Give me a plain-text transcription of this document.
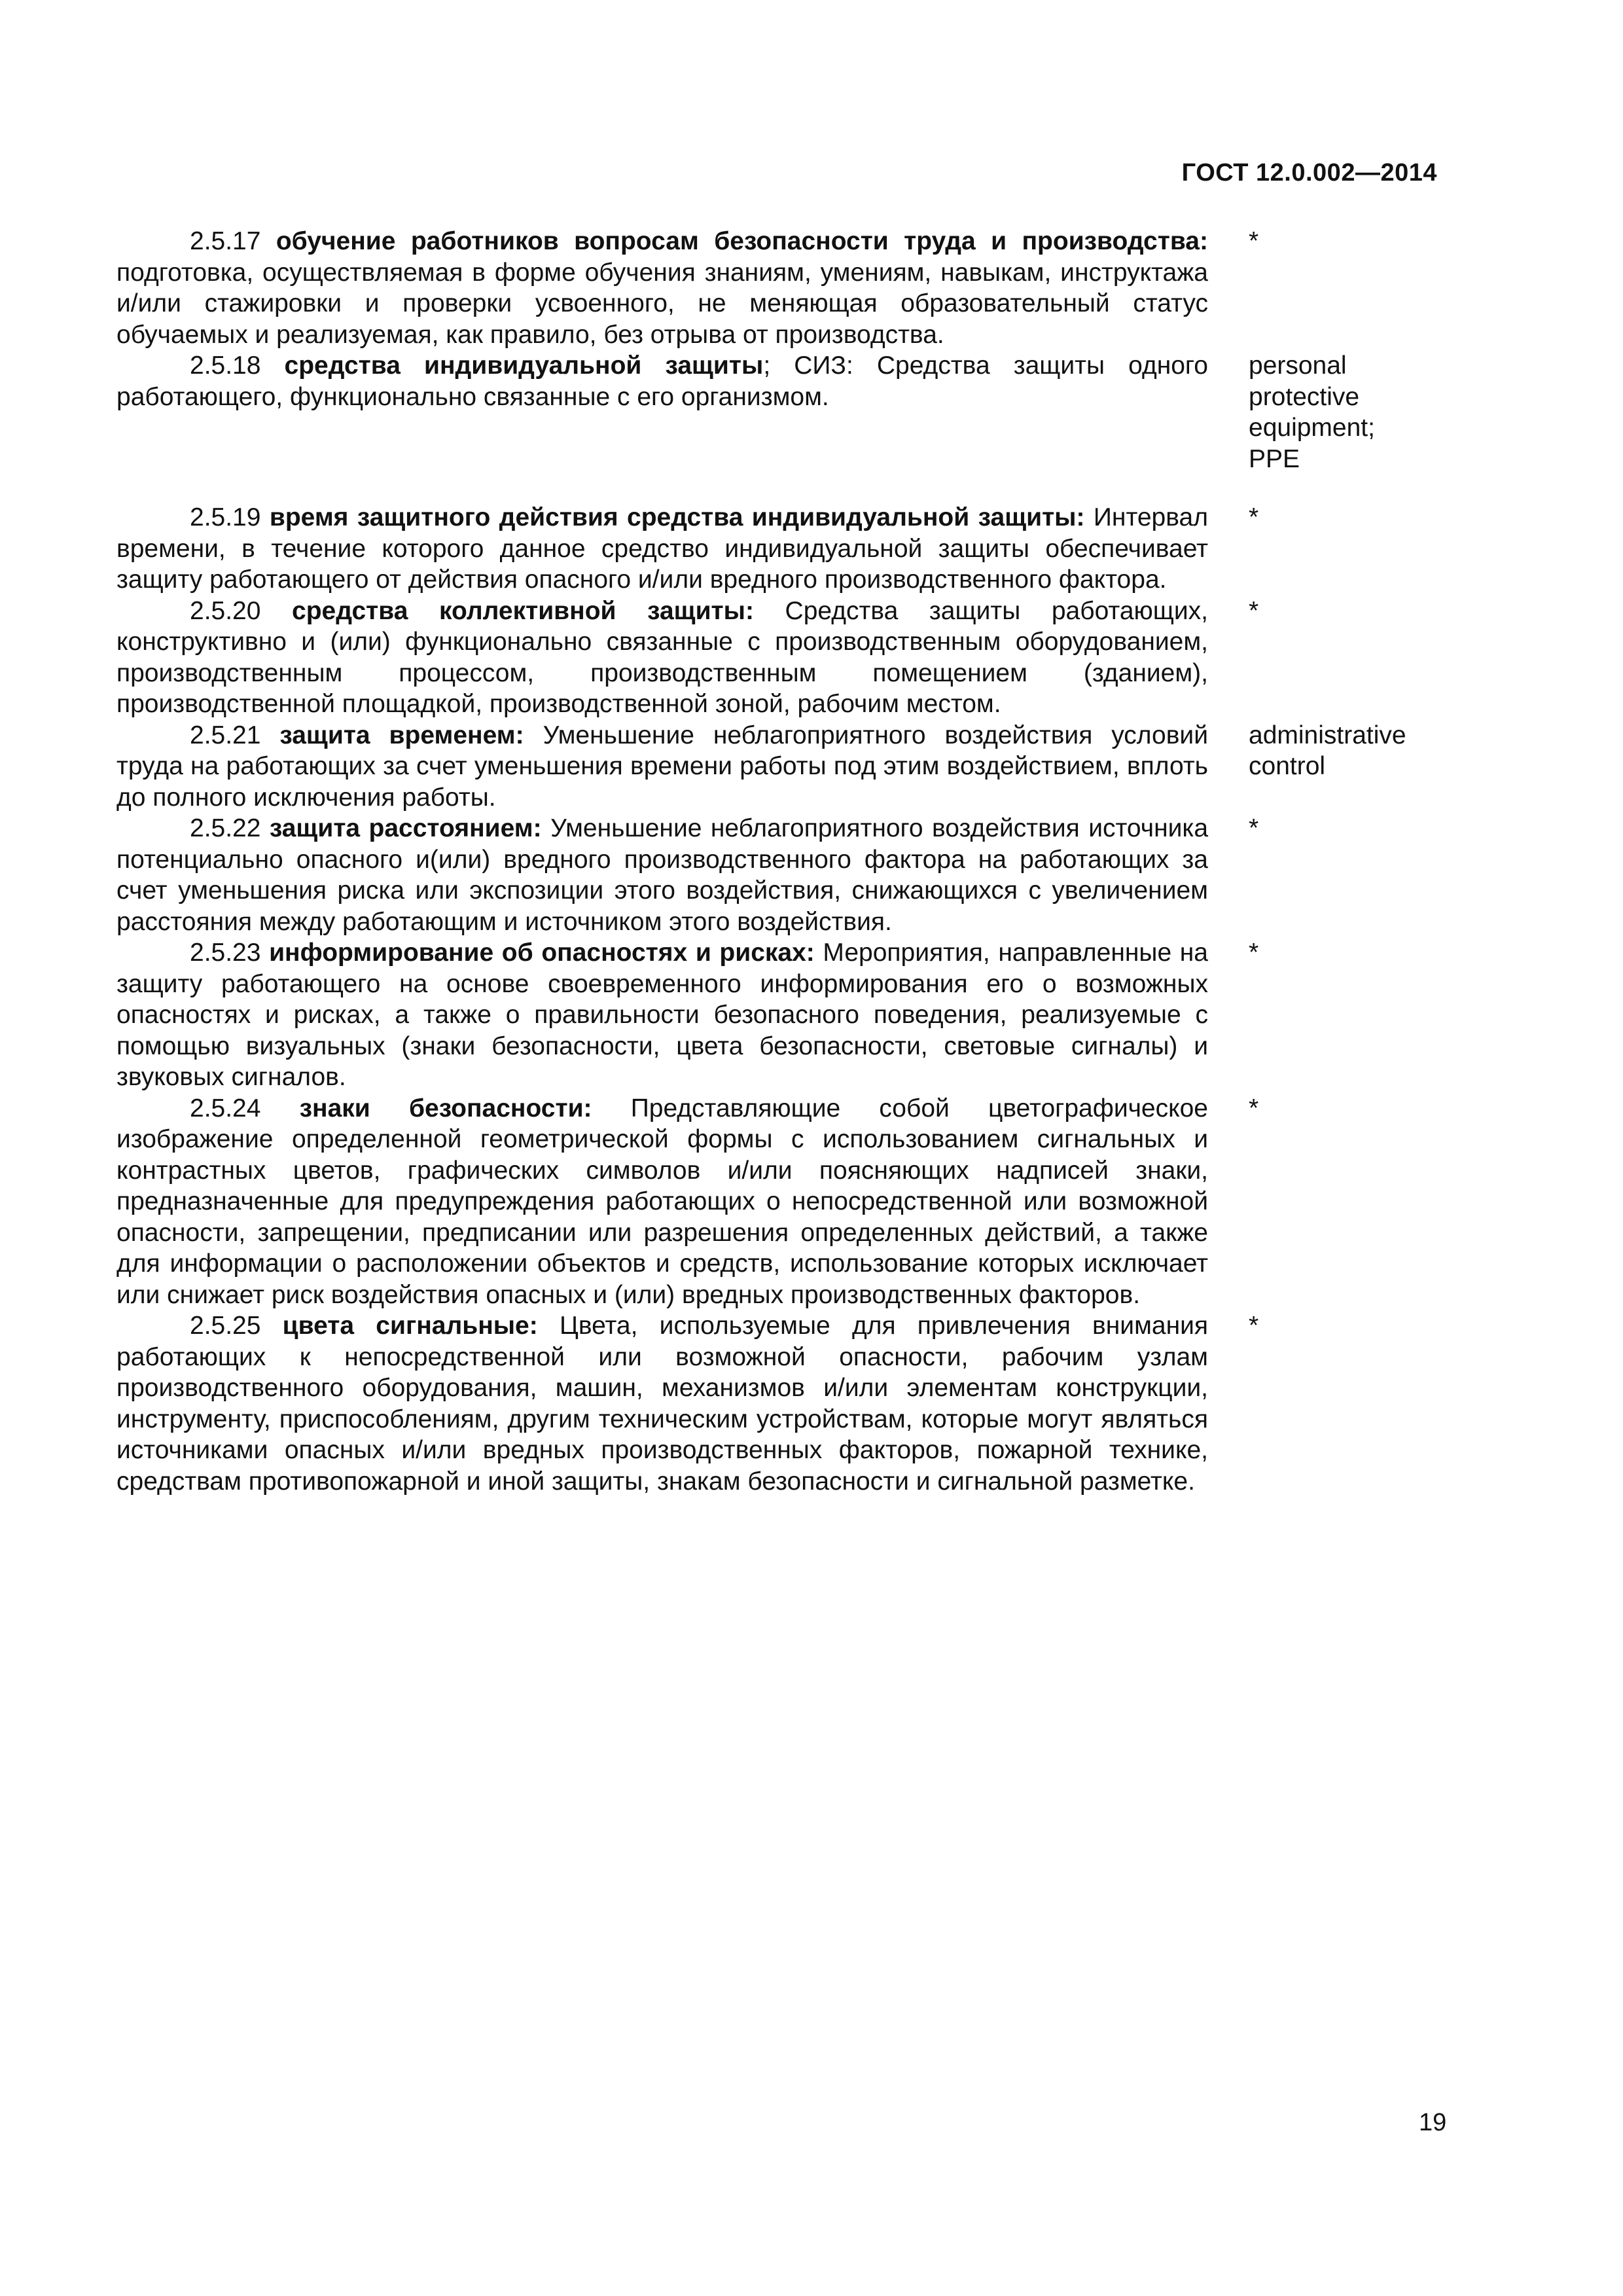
ГОСТ 12.0.002—2014

2.5.17 обучение работников вопросам безопасности труда и производства: подготовка, осуществляемая в форме обучения знаниям, умениям, навыкам, инструктажа и/или стажировки и проверки усвоенного, не меняющая образовательный статус обучаемых и реализуемая, как правило, без отрыва от производства.

*

2.5.18 средства индивидуальной защиты; СИЗ: Средства защиты одного работающего, функционально связанные с его организмом.

personal
protective
equipment;
PPE

2.5.19 время защитного действия средства индивидуальной защиты: Интервал времени, в течение которого данное средство индивидуальной защиты обеспечивает защиту работающего от действия опасного и/или вредного производственного фактора.

*

2.5.20 средства коллективной защиты: Средства защиты работающих, конструктивно и (или) функционально связанные с производственным оборудованием, производственным процессом, производственным помещением (зданием), производственной площадкой, производственной зоной, рабочим местом.

*

2.5.21 защита временем: Уменьшение неблагоприятного воздействия условий труда на работающих за счет уменьшения времени работы под этим воздействием, вплоть до полного исключения работы.

administrative
control

2.5.22 защита расстоянием: Уменьшение неблагоприятного воздействия источника потенциально опасного и(или) вредного производственного фактора на работающих за счет уменьшения риска или экспозиции этого воздействия, снижающихся с увеличением расстояния между работающим и источником этого воздействия.

*

2.5.23 информирование об опасностях и рисках: Мероприятия, направленные на защиту работающего на основе своевременного информирования его о возможных опасностях и рисках, а также о правильности безопасного поведения, реализуемые с помощью визуальных (знаки безопасности, цвета безопасности, световые сигналы) и звуковых сигналов.

*

2.5.24 знаки безопасности: Представляющие собой цветографическое изображение определенной геометрической формы с использованием сигнальных и контрастных цветов, графических символов и/или поясняющих надписей знаки, предназначенные для предупреждения работающих о непосредственной или возможной опасности, запрещении, предписании или разрешения определенных действий, а также для информации о расположении объектов и средств, использование которых исключает или снижает риск воздействия опасных и (или) вредных производственных факторов.

*

2.5.25 цвета сигнальные: Цвета, используемые для привлечения внимания работающих к непосредственной или возможной опасности, рабочим узлам производственного оборудования, машин, механизмов и/или элементам конструкции, инструменту, приспособлениям, другим техническим устройствам, которые могут являться источниками опасных и/или вредных производственных факторов, пожарной технике, средствам противопожарной и иной защиты, знакам безопасности и сигнальной разметке.

*
19
